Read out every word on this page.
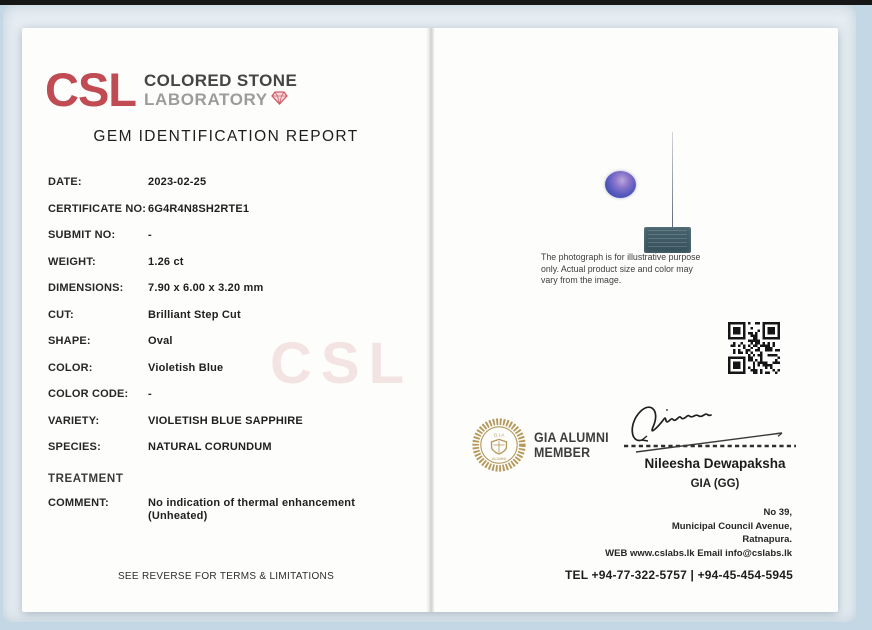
CSL COLORED STONE
LABORATORY
GEM IDENTIFICATION REPORT
CSL
DATE:	2023-02-25
CERTIFICATE NO: 6G4R4N8SH2RTE1
SUBMIT NO:	-
WEIGHT:	1.26 ct
DIMENSIONS:	7.90 x 6.00 x 3.20 mm
CUT:	Brilliant Step Cut
SHAPE:	Oval
COLOR:	Violetish Blue
COLOR CODE:	-
VARIETY:	VIOLETISH BLUE SAPPHIRE
SPECIES:	NATURAL CORUNDUM
TREATMENT
COMMENT:	No indication of thermal enhancement (Unheated)
SEE REVERSE FOR TERMS & LIMITATIONS
The photograph is for illustrative purpose only. Actual product size and color may vary from the image.
G.I.A
ALUMNI
GIA ALUMNI
MEMBER
Nileesha Dewapaksha
GIA (GG)
No 39,
Municipal Council Avenue,
Ratnapura.
WEB www.cslabs.lk Email info@cslabs.lk
TEL +94-77-322-5757 | +94-45-454-5945
